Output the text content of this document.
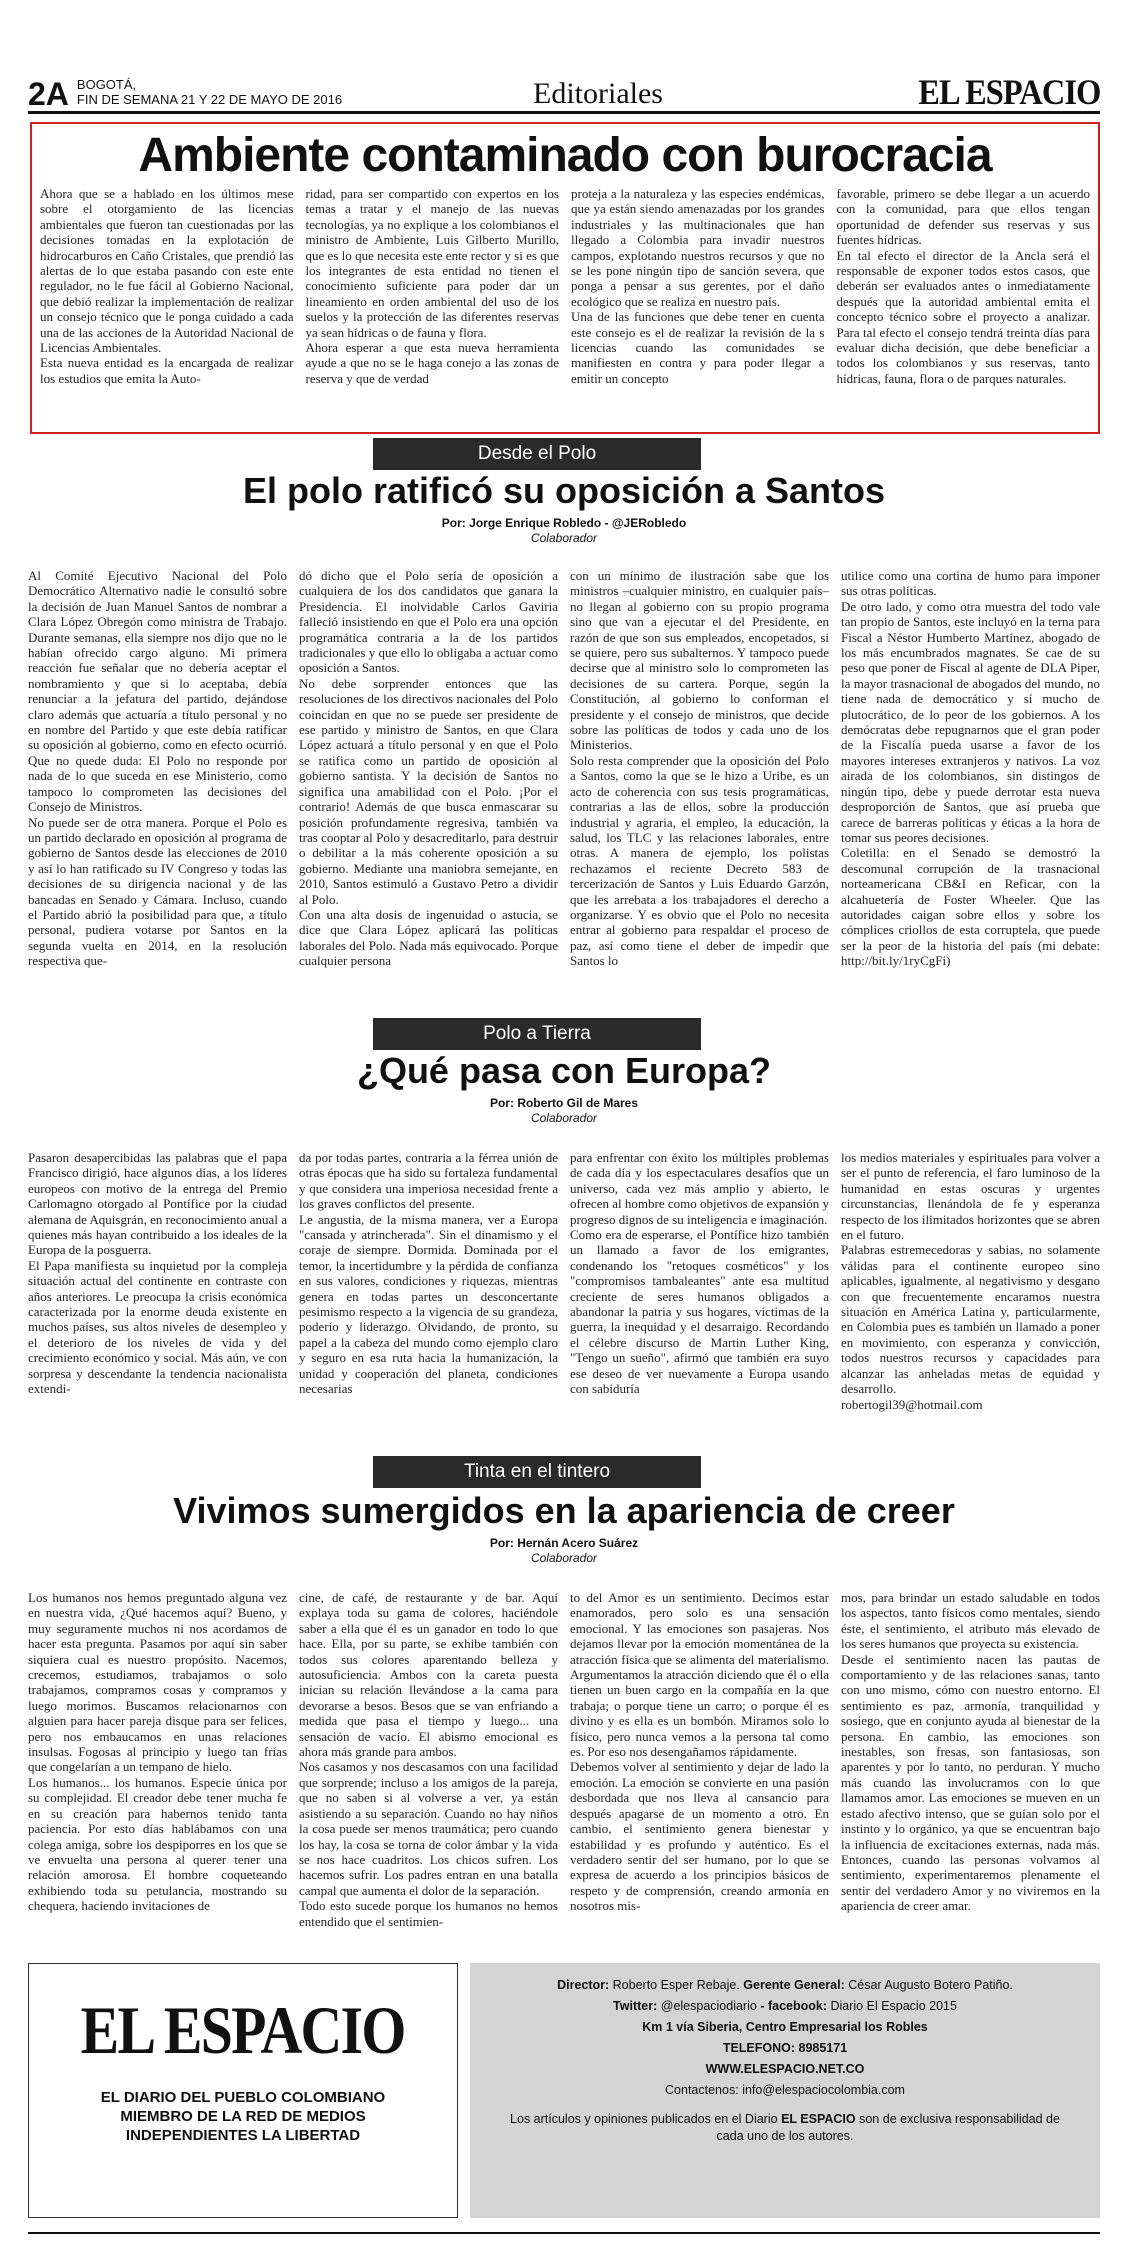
2A BOGOTÁ,
FIN DE SEMANA 21 Y 22 DE MAYO DE 2016	Editoriales	EL ESPACIO
Ambiente contaminado con burocracia
Ahora que se a hablado en los últimos mese sobre el otorgamiento de las licencias ambientales que fueron tan cuestionadas por las decisiones tomadas en la explotación de hidrocarburos en Caño Cristales, que prendió las alertas de lo que estaba pasando con este ente regulador, no le fue fácil al Gobierno Nacional, que debió realizar la implementación de realizar un consejo técnico que le ponga cuidado a cada una de las acciones de la Autoridad Nacional de Licencias Ambientales.
Esta nueva entidad es la encargada de realizar los estudios que emita la Auto-
ridad, para ser compartido con expertos en los temas a tratar y el manejo de las nuevas tecnologías, ya no explique a los colombianos el ministro de Ambiente, Luis Gilberto Murillo, que es lo que necesita este ente rector y si es que los integrantes de esta entidad no tienen el conocimiento suficiente para poder dar un lineamiento en orden ambiental del uso de los suelos y la protección de las diferentes reservas ya sean hídricas o de fauna y flora.
Ahora esperar a que esta nueva herramienta ayude a que no se le haga conejo a las zonas de reserva y que de verdad
proteja a la naturaleza y las especies endémicas, que ya están siendo amenazadas por los grandes industriales y las multinacionales que han llegado a Colombia para invadir nuestros campos, explotando nuestros recursos y que no se les pone ningún tipo de sanción severa, que ponga a pensar a sus gerentes, por el daño ecológico que se realiza en nuestro país.
Una de las funciones que debe tener en cuenta este consejo es el de realizar la revisión de la s licencias cuando las comunidades se manifiesten en contra y para poder llegar a emitir un concepto
favorable, primero se debe llegar a un acuerdo con la comunidad, para que ellos tengan oportunidad de defender sus reservas y sus fuentes hídricas.
En tal efecto el director de la Ancla será el responsable de exponer todos estos casos, que deberán ser evaluados antes o inmediatamente después que la autoridad ambiental emita el concepto técnico sobre el proyecto a analizar. Para tal efecto el consejo tendrá treinta días para evaluar dicha decisión, que debe beneficiar a todos los colombianos y sus reservas, tanto hídricas, fauna, flora o de parques naturales.
Desde el Polo
El polo ratificó su oposición a Santos
Por: Jorge Enrique Robledo - @JERobledo
Colaborador
Al Comité Ejecutivo Nacional del Polo Democrático Alternativo nadie le consultó sobre la decisión de Juan Manuel Santos de nombrar a Clara López Obregón como ministra de Trabajo. Durante semanas, ella siempre nos dijo que no le habían ofrecido cargo alguno. Mi primera reacción fue señalar que no debería aceptar el nombramiento y que si lo aceptaba, debía renunciar a la jefatura del partido, dejándose claro además que actuaría a título personal y no en nombre del Partido y que este debía ratificar su oposición al gobierno, como en efecto ocurrió. Que no quede duda: El Polo no responde por nada de lo que suceda en ese Ministerio, como tampoco lo comprometen las decisiones del Consejo de Ministros.
No puede ser de otra manera. Porque el Polo es un partido declarado en oposición al programa de gobierno de Santos desde las elecciones de 2010 y así lo han ratificado su IV Congreso y todas las decisiones de su dirigencia nacional y de las bancadas en Senado y Cámara. Incluso, cuando el Partido abrió la posibilidad para que, a título personal, pudiera votarse por Santos en la segunda vuelta en 2014, en la resolución respectiva que-
dó dicho que el Polo sería de oposición a cualquiera de los dos candidatos que ganara la Presidencia. El inolvidable Carlos Gaviria falleció insistiendo en que el Polo era una opción programática contraria a la de los partidos tradicionales y que ello lo obligaba a actuar como oposición a Santos.
No debe sorprender entonces que las resoluciones de los directivos nacionales del Polo coincidan en que no se puede ser presidente de ese partido y ministro de Santos, en que Clara López actuará a título personal y en que el Polo se ratifica como un partido de oposición al gobierno santista. Y la decisión de Santos no significa una amabilidad con el Polo. ¡Por el contrario! Además de que busca enmascarar su posición profundamente regresiva, también va tras cooptar al Polo y desacreditarlo, para destruir o debilitar a la más coherente oposición a su gobierno. Mediante una maniobra semejante, en 2010, Santos estimuló a Gustavo Petro a dividir al Polo.
Con una alta dosis de ingenuidad o astucia, se dice que Clara López aplicará las políticas laborales del Polo. Nada más equivocado. Porque cualquier persona
con un mínimo de ilustración sabe que los ministros –cualquier ministro, en cualquier país– no llegan al gobierno con su propio programa sino que van a ejecutar el del Presidente, en razón de que son sus empleados, encopetados, si se quiere, pero sus subalternos. Y tampoco puede decirse que al ministro solo lo comprometen las decisiones de su cartera. Porque, según la Constitución, al gobierno lo conforman el presidente y el consejo de ministros, que decide sobre las políticas de todos y cada uno de los Ministerios.
Solo resta comprender que la oposición del Polo a Santos, como la que se le hizo a Uribe, es un acto de coherencia con sus tesis programáticas, contrarias a las de ellos, sobre la producción industrial y agraria, el empleo, la educación, la salud, los TLC y las relaciones laborales, entre otras. A manera de ejemplo, los polistas rechazamos el reciente Decreto 583 de tercerización de Santos y Luis Eduardo Garzón, que les arrebata a los trabajadores el derecho a organizarse. Y es obvio que el Polo no necesita entrar al gobierno para respaldar el proceso de paz, así como tiene el deber de impedir que Santos lo
utilice como una cortina de humo para imponer sus otras políticas.
De otro lado, y como otra muestra del todo vale tan propio de Santos, este incluyó en la terna para Fiscal a Néstor Humberto Martínez, abogado de los más encumbrados magnates. Se cae de su peso que poner de Fiscal al agente de DLA Piper, la mayor trasnacional de abogados del mundo, no tiene nada de democrático y sí mucho de plutocrático, de lo peor de los gobiernos. A los demócratas debe repugnarnos que el gran poder de la Fiscalía pueda usarse a favor de los mayores intereses extranjeros y nativos. La voz airada de los colombianos, sin distingos de ningún tipo, debe y puede derrotar esta nueva desproporción de Santos, que así prueba que carece de barreras políticas y éticas a la hora de tomar sus peores decisiones.
Coletilla: en el Senado se demostró la descomunal corrupción de la trasnacional norteamericana CB&I en Reficar, con la alcahuetería de Foster Wheeler. Que las autoridades caigan sobre ellos y sobre los cómplices criollos de esta corruptela, que puede ser la peor de la historia del país (mi debate: http://bit.ly/1ryCgFi)
Polo a Tierra
¿Qué pasa con Europa?
Por: Roberto Gil de Mares
Colaborador
Pasaron desapercibidas las palabras que el papa Francisco dirigió, hace algunos días, a los líderes europeos con motivo de la entrega del Premio Carlomagno otorgado al Pontífice por la ciudad alemana de Aquisgrán, en reconocimiento anual a quienes más hayan contribuido a los ideales de la Europa de la posguerra.
El Papa manifiesta su inquietud por la compleja situación actual del continente en contraste con años anteriores. Le preocupa la crisis económica caracterizada por la enorme deuda existente en muchos países, sus altos niveles de desempleo y el deterioro de los niveles de vida y del crecimiento económico y social. Más aún, ve con sorpresa y descendante la tendencia nacionalista extendi-
da por todas partes, contraria a la férrea unión de otras épocas que ha sido su fortaleza fundamental y que considera una imperiosa necesidad frente a los graves conflictos del presente.
Le angustia, de la misma manera, ver a Europa "cansada y atrincherada". Sin el dinamismo y el coraje de siempre. Dormida. Dominada por el temor, la incertidumbre y la pérdida de confianza en sus valores, condiciones y riquezas, mientras genera en todas partes un desconcertante pesimismo respecto a la vigencia de su grandeza, poderío y liderazgo. Olvidando, de pronto, su papel a la cabeza del mundo como ejemplo claro y seguro en esa ruta hacia la humanización, la unidad y cooperación del planeta, condiciones necesarias
para enfrentar con éxito los múltiples problemas de cada día y los espectaculares desafíos que un universo, cada vez más amplio y abierto, le ofrecen al hombre como objetivos de expansión y progreso dignos de su inteligencia e imaginación.
Como era de esperarse, el Pontífice hizo también un llamado a favor de los emigrantes, condenando los "retoques cosméticos" y los "compromisos tambaleantes" ante esa multitud creciente de seres humanos obligados a abandonar la patria y sus hogares, víctimas de la guerra, la inequidad y el desarraigo. Recordando el célebre discurso de Martin Luther King, "Tengo un sueño", afirmó que también era suyo ese deseo de ver nuevamente a Europa usando con sabiduría
los medios materiales y espirituales para volver a ser el punto de referencia, el faro luminoso de la humanidad en estas oscuras y urgentes circunstancias, llenándola de fe y esperanza respecto de los ilimitados horizontes que se abren en el futuro.
Palabras estremecedoras y sabias, no solamente válidas para el continente europeo sino aplicables, igualmente, al negativismo y desgano con que frecuentemente encaramos nuestra situación en América Latina y, particularmente, en Colombia pues es también un llamado a poner en movimiento, con esperanza y convicción, todos nuestros recursos y capacidades para alcanzar las anheladas metas de equidad y desarrollo.
robertogil39@hotmail.com
Tinta en el tintero
Vivimos sumergidos en la apariencia de creer
Por: Hernán Acero Suárez
Colaborador
Los humanos nos hemos preguntado alguna vez en nuestra vida, ¿Qué hacemos aquí? Bueno, y muy seguramente muchos ni nos acordamos de hacer esta pregunta. Pasamos por aquí sin saber siquiera cual es nuestro propósito. Nacemos, crecemos, estudiamos, trabajamos o solo trabajamos, compramos cosas y compramos y luego morimos. Buscamos relacionarnos con alguien para hacer pareja disque para ser felices, pero nos embaucamos en unas relaciones insulsas. Fogosas al principio y luego tan frías que congelarían a un tempano de hielo.
Los humanos... los humanos. Especie única por su complejidad. El creador debe tener mucha fe en su creación para habernos tenido tanta paciencia. Por esto días hablábamos con una colega amiga, sobre los despiporres en los que se ve envuelta una persona al querer tener una relación amorosa. El hombre coqueteando exhibiendo toda su petulancia, mostrando su chequera, haciendo invitaciones de
cine, de café, de restaurante y de bar. Aquí explaya toda su gama de colores, haciéndole saber a ella que él es un ganador en todo lo que hace. Ella, por su parte, se exhibe también con todos sus colores aparentando belleza y autosuficiencia. Ambos con la careta puesta inician su relación llevándose a la cama para devorarse a besos. Besos que se van enfriando a medida que pasa el tiempo y luego... una sensación de vacío. El abismo emocional es ahora más grande para ambos.
Nos casamos y nos descasamos con una facilidad que sorprende; incluso a los amigos de la pareja, que no saben si al volverse a ver, ya están asistiendo a su separación. Cuando no hay niños la cosa puede ser menos traumática; pero cuando los hay, la cosa se torna de color ámbar y la vida se nos hace cuadritos. Los chicos sufren. Los hacemos sufrir. Los padres entran en una batalla campal que aumenta el dolor de la separación.
Todo esto sucede porque los humanos no hemos entendido que el sentimien-
to del Amor es un sentimiento. Decimos estar enamorados, pero solo es una sensación emocional. Y las emociones son pasajeras. Nos dejamos llevar por la emoción momentánea de la atracción física que se alimenta del materialismo. Argumentamos la atracción diciendo que él o ella tienen un buen cargo en la compañía en la que trabaja; o porque tiene un carro; o porque él es divino y es ella es un bombón. Miramos solo lo físico, pero nunca vemos a la persona tal como es. Por eso nos desengañamos rápidamente.
Debemos volver al sentimiento y dejar de lado la emoción. La emoción se convierte en una pasión desbordada que nos lleva al cansancio para después apagarse de un momento a otro. En cambio, el sentimiento genera bienestar y estabilidad y es profundo y auténtico. Es el verdadero sentir del ser humano, por lo que se expresa de acuerdo a los principios básicos de respeto y de comprensión, creando armonía en nosotros mis-
mos, para brindar un estado saludable en todos los aspectos, tanto físicos como mentales, siendo éste, el sentimiento, el atributo más elevado de los seres humanos que proyecta su existencia.
Desde el sentimiento nacen las pautas de comportamiento y de las relaciones sanas, tanto con uno mismo, cómo con nuestro entorno. El sentimiento es paz, armonía, tranquilidad y sosiego, que en conjunto ayuda al bienestar de la persona. En cambio, las emociones son inestables, son fresas, son fantasiosas, son aparentes y por lo tanto, no perduran. Y mucho más cuando las involucramos con lo que llamamos amor. Las emociones se mueven en un estado afectivo intenso, que se guían solo por el instinto y lo orgánico, ya que se encuentran bajo la influencia de excitaciones externas, nada más. Entonces, cuando las personas volvamos al sentimiento, experimentaremos plenamente el sentir del verdadero Amor y no viviremos en la apariencia de creer amar.
EL ESPACIO
EL DIARIO DEL PUEBLO COLOMBIANO
MIEMBRO DE LA RED DE MEDIOS
INDEPENDIENTES LA LIBERTAD
Director: Roberto Esper Rebaje. Gerente General: César Augusto Botero Patiño.
Twitter: @elespaciodiario - facebook: Diario El Espacio 2015
Km 1 vía Siberia, Centro Empresarial los Robles
TELEFONO: 8985171
WWW.ELESPACIO.NET.CO
Contactenos: info@elespaciocolombia.com
Los artículos y opiniones publicados en el Diario EL ESPACIO son de exclusiva responsabilidad de cada uno de los autores.
